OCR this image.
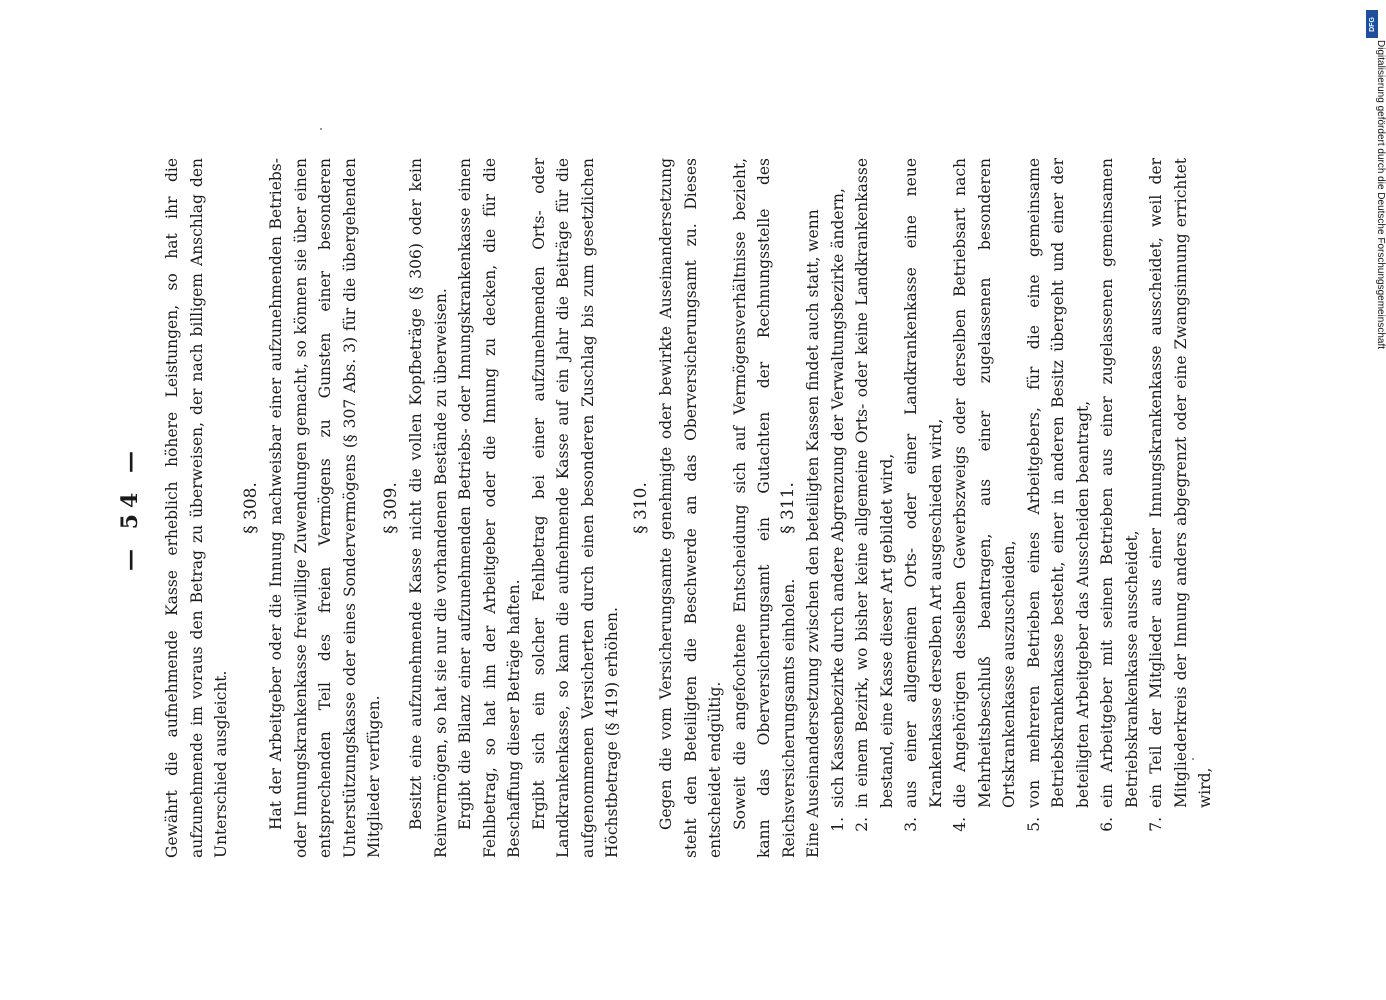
— 54 —	Gewährt die aufnehmende Kasse erheblich höhere Leistungen, so hat ihr die aufzunehmende im voraus den Betrag zu überweisen, der nach billigem Anschlag den Unterschied ausgleicht.

§ 308. Hat der Arbeitgeber oder die Innung nachweisbar einer aufzunehmenden Betriebs- oder Innungskrankenkasse freiwillige Zuwendungen gemacht, so können sie über einen entsprechenden Teil des freien Vermögens zu Gunsten einer besonderen Unterstützungskasse oder eines Sondervermögens (§ 307 Abs. 3) für die übergehenden Mitglieder verfügen.

§ 309. Besitzt eine aufzunehmende Kasse nicht die vollen Kopfbeträge (§ 306) oder kein Reinvermögen, so hat sie nur die vorhandenen Bestände zu überweisen. Ergibt die Bilanz einer aufzunehmenden Betriebs- oder Innungskrankenkasse einen Fehlbetrag, so hat ihn der Arbeitgeber oder die Innung zu decken, die für die Beschaffung dieser Beträge haften. Ergibt sich ein solcher Fehlbetrag bei einer aufzunehmenden Orts- oder Landkrankenkasse, so kann die aufnehmende Kasse auf ein Jahr die Beiträge für die aufgenommenen Versicherten durch einen besonderen Zuschlag bis zum gesetzlichen Höchstbetrage (§ 419) erhöhen.

§ 310. Gegen die vom Versicherungsamte genehmigte oder bewirkte Auseinandersetzung steht den Beteiligten die Beschwerde an das Oberversicherungsamt zu. Dieses entscheidet endgültig. Soweit die angefochtene Entscheidung sich auf Vermögensverhältnisse bezieht, kann das Oberversicherungsamt ein Gutachten der Rechnungsstelle des Reichsversicherungsamts einholen.

§ 311. Eine Auseinandersetzung zwischen den beteiligten Kassen findet auch statt, wenn 1. sich Kassenbezirke durch andere Abgrenzung der Verwaltungsbezirke ändern, 2. in einem Bezirk, wo bisher keine allgemeine Orts- oder keine Landkrankenkasse bestand, eine Kasse dieser Art gebildet wird, 3. aus einer allgemeinen Orts- oder einer Landkrankenkasse eine neue Krankenkasse derselben Art ausgeschieden wird, 4. die Angehörigen desselben Gewerbszweigs oder derselben Betriebsart nach Mehrheitsbeschluß beantragen, aus einer zugelassenen besonderen Ortskrankenkasse auszuscheiden, 5. von mehreren Betrieben eines Arbeitgebers, für die eine gemeinsame Betriebskrankenkasse besteht, einer in anderen Besitz übergeht und einer der beteiligten Arbeitgeber das Ausscheiden beantragt, 6. ein Arbeitgeber mit seinen Betrieben aus einer zugelassenen gemeinsamen Betriebskrankenkasse ausscheidet, 7. ein Teil der Mitglieder aus einer Innungskrankenkasse ausscheidet, weil der Mitgliederkreis der Innung anders abgegrenzt oder eine Zwangsinnung errichtet wird,
DFG
Digitalisierung gefördert durch die Deutsche Forschungsgemeinschaft
